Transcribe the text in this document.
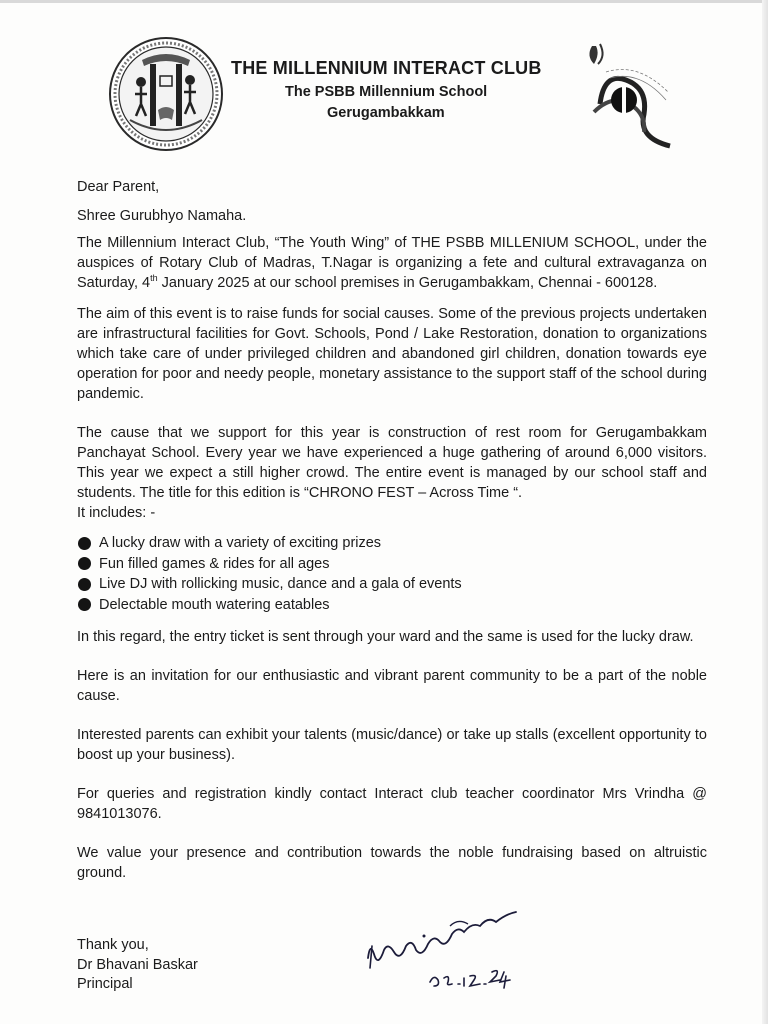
THE MILLENNIUM INTERACT CLUB
The PSBB Millennium School
Gerugambakkam

Dear Parent,

Shree Gurubhyo Namaha.

The Millennium Interact Club, “The Youth Wing” of THE PSBB MILLENIUM SCHOOL, under the auspices of Rotary Club of Madras, T.Nagar is organizing a fete and cultural extravaganza on Saturday, 4th January 2025 at our school premises in Gerugambakkam, Chennai - 600128.

The aim of this event is to raise funds for social causes. Some of the previous projects undertaken are infrastructural facilities for Govt. Schools, Pond / Lake Restoration, donation to organizations which take care of under privileged children and abandoned girl children, donation towards eye operation for poor and needy people, monetary assistance to the support staff of the school during pandemic.

The cause that we support for this year is construction of rest room for Gerugambakkam Panchayat School. Every year we have experienced a huge gathering of around 6,000 visitors. This year we expect a still higher crowd. The entire event is managed by our school staff and students. The title for this edition is “CHRONO FEST – Across Time “.

It includes: -

A lucky draw with a variety of exciting prizes
Fun filled games & rides for all ages
Live DJ with rollicking music, dance and a gala of events
Delectable mouth watering eatables

In this regard, the entry ticket is sent through your ward and the same is used for the lucky draw.

Here is an invitation for our enthusiastic and vibrant parent community to be a part of the noble cause.

Interested parents can exhibit your talents (music/dance) or take up stalls (excellent opportunity to boost up your business).

For queries and registration kindly contact Interact club teacher coordinator Mrs Vrindha @ 9841013076.

We value your presence and contribution towards the noble fundraising based on altruistic ground.

Thank you,
Dr Bhavani Baskar
Principal
